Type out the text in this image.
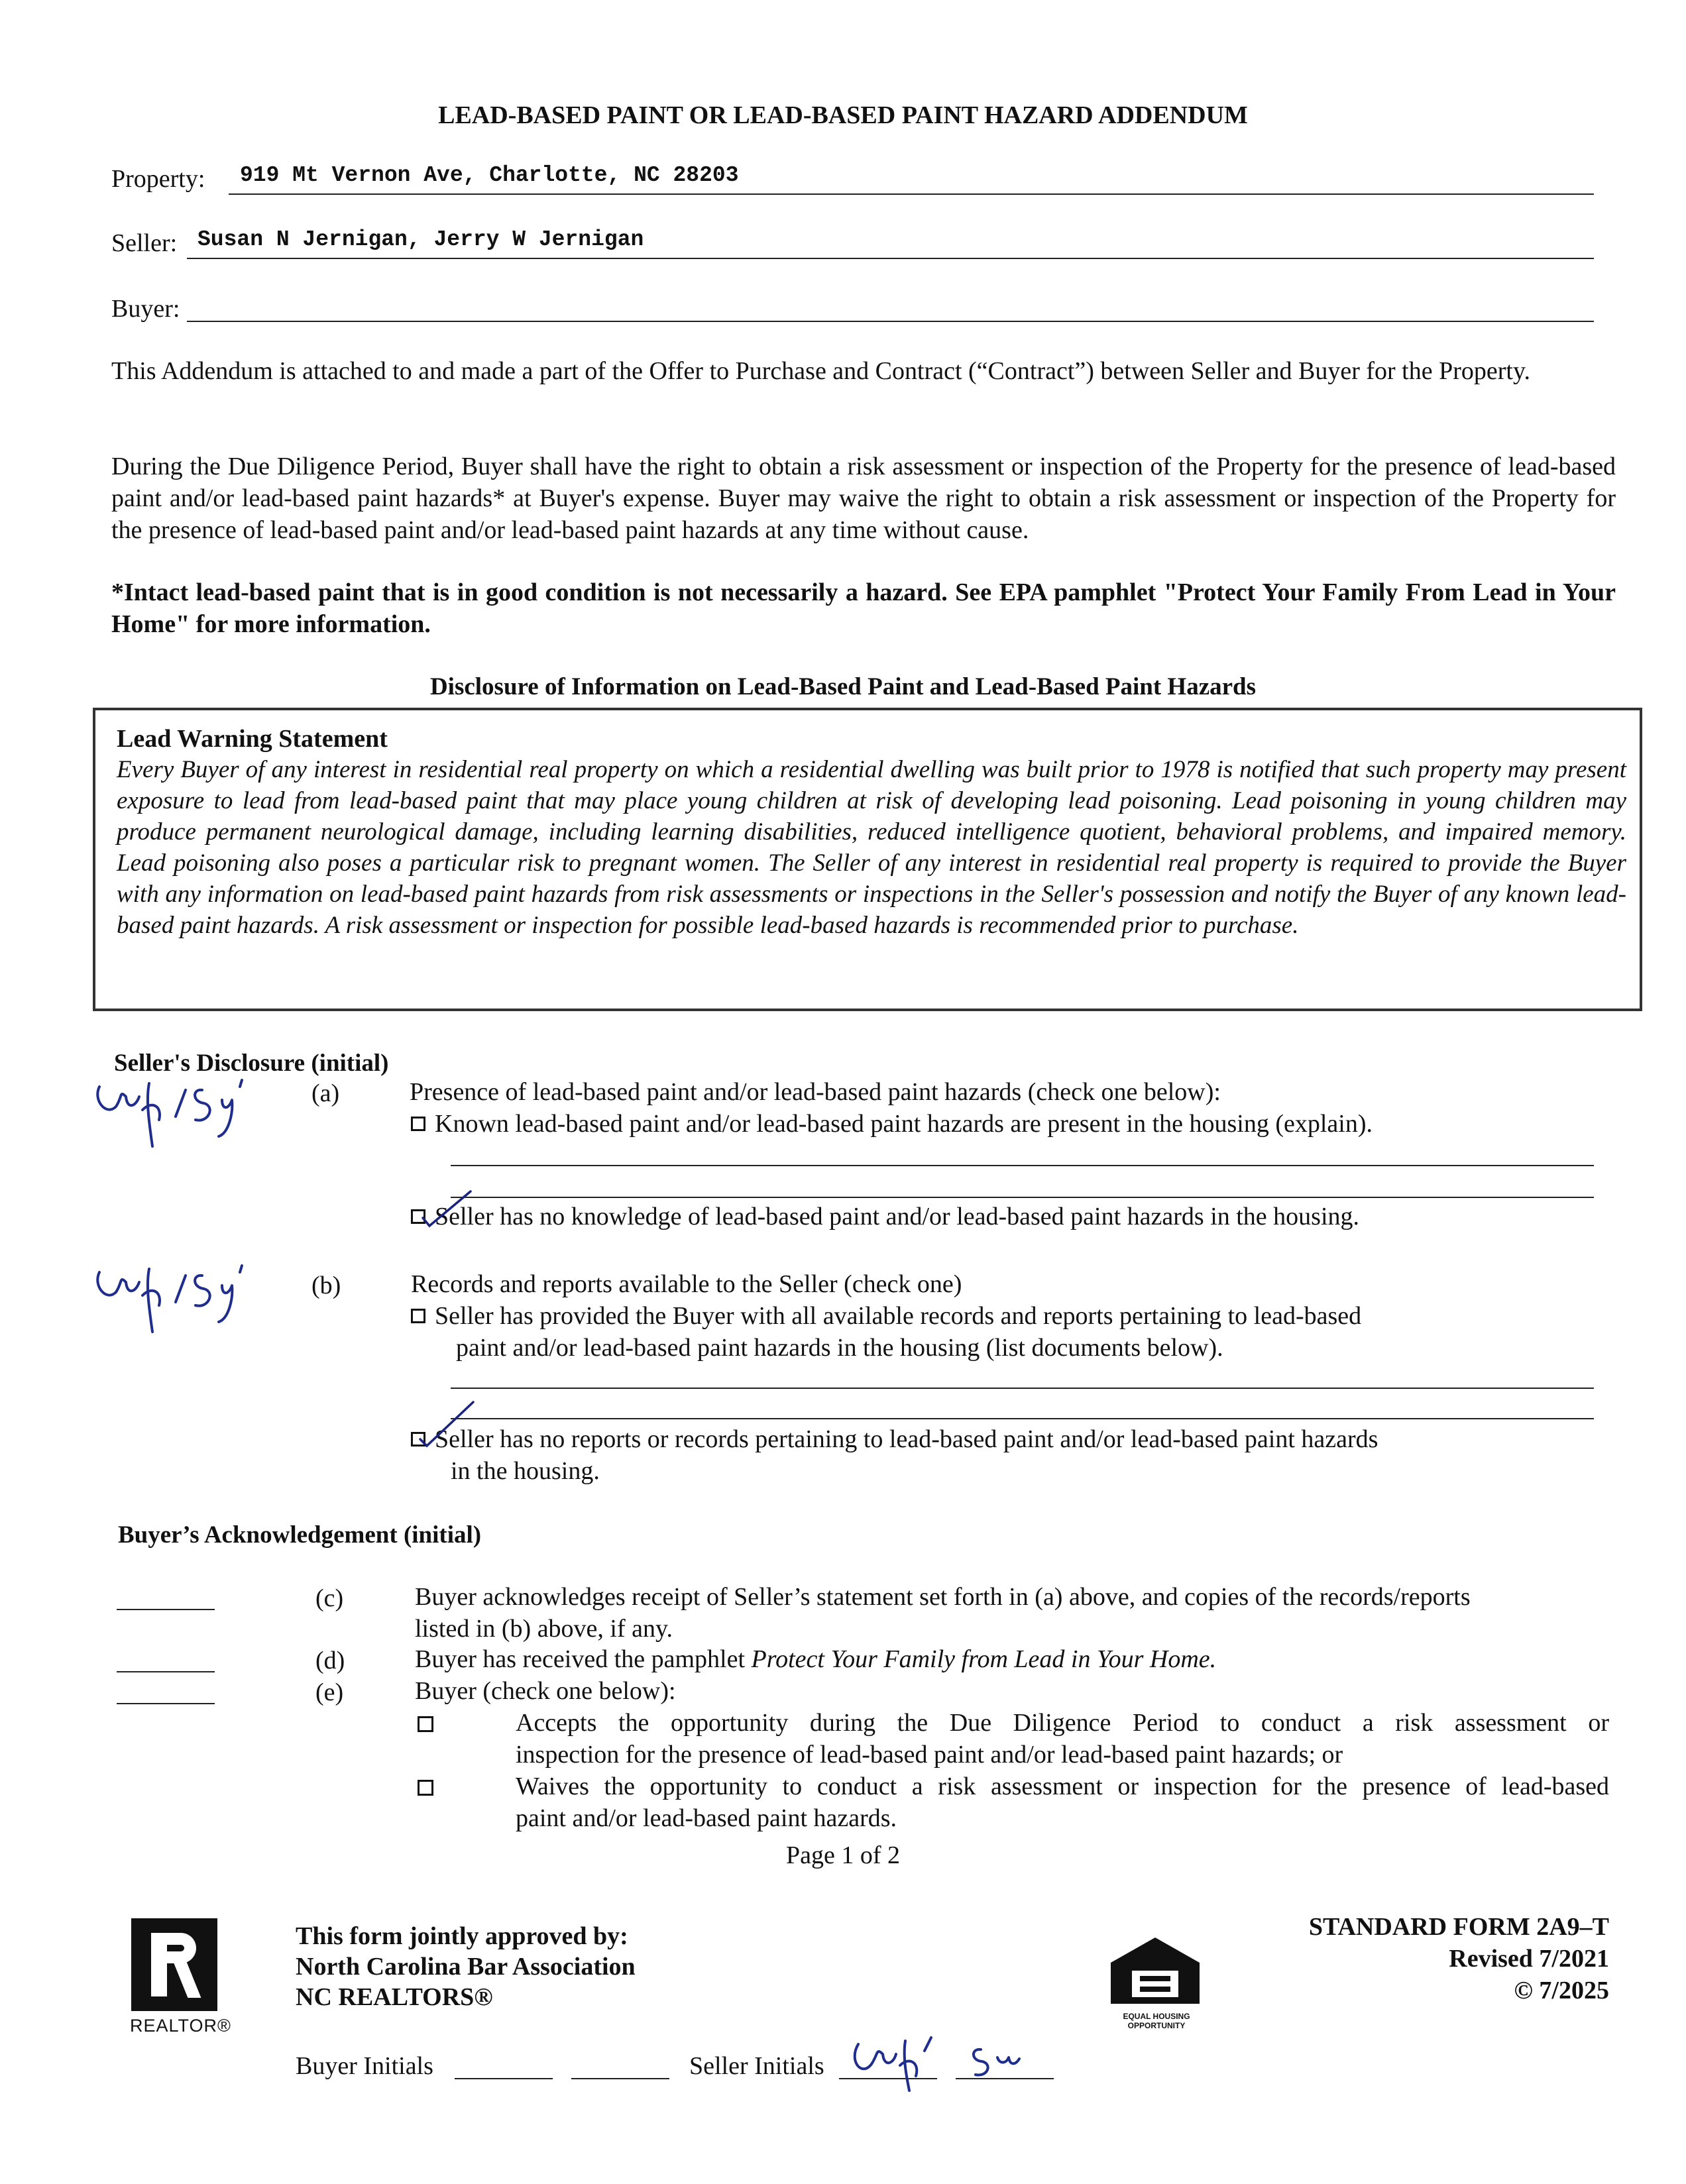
LEAD-BASED PAINT OR LEAD-BASED PAINT HAZARD ADDENDUM
Property: 919 Mt Vernon Ave, Charlotte, NC 28203
Seller: Susan N Jernigan, Jerry W Jernigan
Buyer:
This Addendum is attached to and made a part of the Offer to Purchase and Contract (“Contract”) between Seller and Buyer for the Property.
During the Due Diligence Period, Buyer shall have the right to obtain a risk assessment or inspection of the Property for the presence of lead-based paint and/or lead-based paint hazards* at Buyer's expense. Buyer may waive the right to obtain a risk assessment or inspection of the Property for the presence of lead-based paint and/or lead-based paint hazards at any time without cause.
*Intact lead-based paint that is in good condition is not necessarily a hazard. See EPA pamphlet "Protect Your Family From Lead in Your Home" for more information.
Disclosure of Information on Lead-Based Paint and Lead-Based Paint Hazards
Lead Warning Statement
Every Buyer of any interest in residential real property on which a residential dwelling was built prior to 1978 is notified that such property may present exposure to lead from lead-based paint that may place young children at risk of developing lead poisoning. Lead poisoning in young children may produce permanent neurological damage, including learning disabilities, reduced intelligence quotient, behavioral problems, and impaired memory. Lead poisoning also poses a particular risk to pregnant women. The Seller of any interest in residential real property is required to provide the Buyer with any information on lead-based paint hazards from risk assessments or inspections in the Seller's possession and notify the Buyer of any known lead-based paint hazards. A risk assessment or inspection for possible lead-based hazards is recommended prior to purchase.
Seller's Disclosure (initial)
(a)	Presence of lead-based paint and/or lead-based paint hazards (check one below):
Known lead-based paint and/or lead-based paint hazards are present in the housing (explain).
Seller has no knowledge of lead-based paint and/or lead-based paint hazards in the housing.
(b)	Records and reports available to the Seller (check one)
Seller has provided the Buyer with all available records and reports pertaining to lead-based
paint and/or lead-based paint hazards in the housing (list documents below).
Seller has no reports or records pertaining to lead-based paint and/or lead-based paint hazards
in the housing.
Buyer’s Acknowledgement (initial)
(c)	Buyer acknowledges receipt of Seller’s statement set forth in (a) above, and copies of the records/reports
listed in (b) above, if any.
(d)	Buyer has received the pamphlet Protect Your Family from Lead in Your Home.
(e)	Buyer (check one below):
Accepts the opportunity during the Due Diligence Period to conduct a risk assessment or
inspection for the presence of lead-based paint and/or lead-based paint hazards; or
Waives the opportunity to conduct a risk assessment or inspection for the presence of lead-based
paint and/or lead-based paint hazards.
Page 1 of 2
REALTOR®
This form jointly approved by:
North Carolina Bar Association
NC REALTORS®
EQUAL HOUSING
OPPORTUNITY
STANDARD FORM 2A9–T
Revised 7/2021
© 7/2025
Buyer Initials	Seller Initials
